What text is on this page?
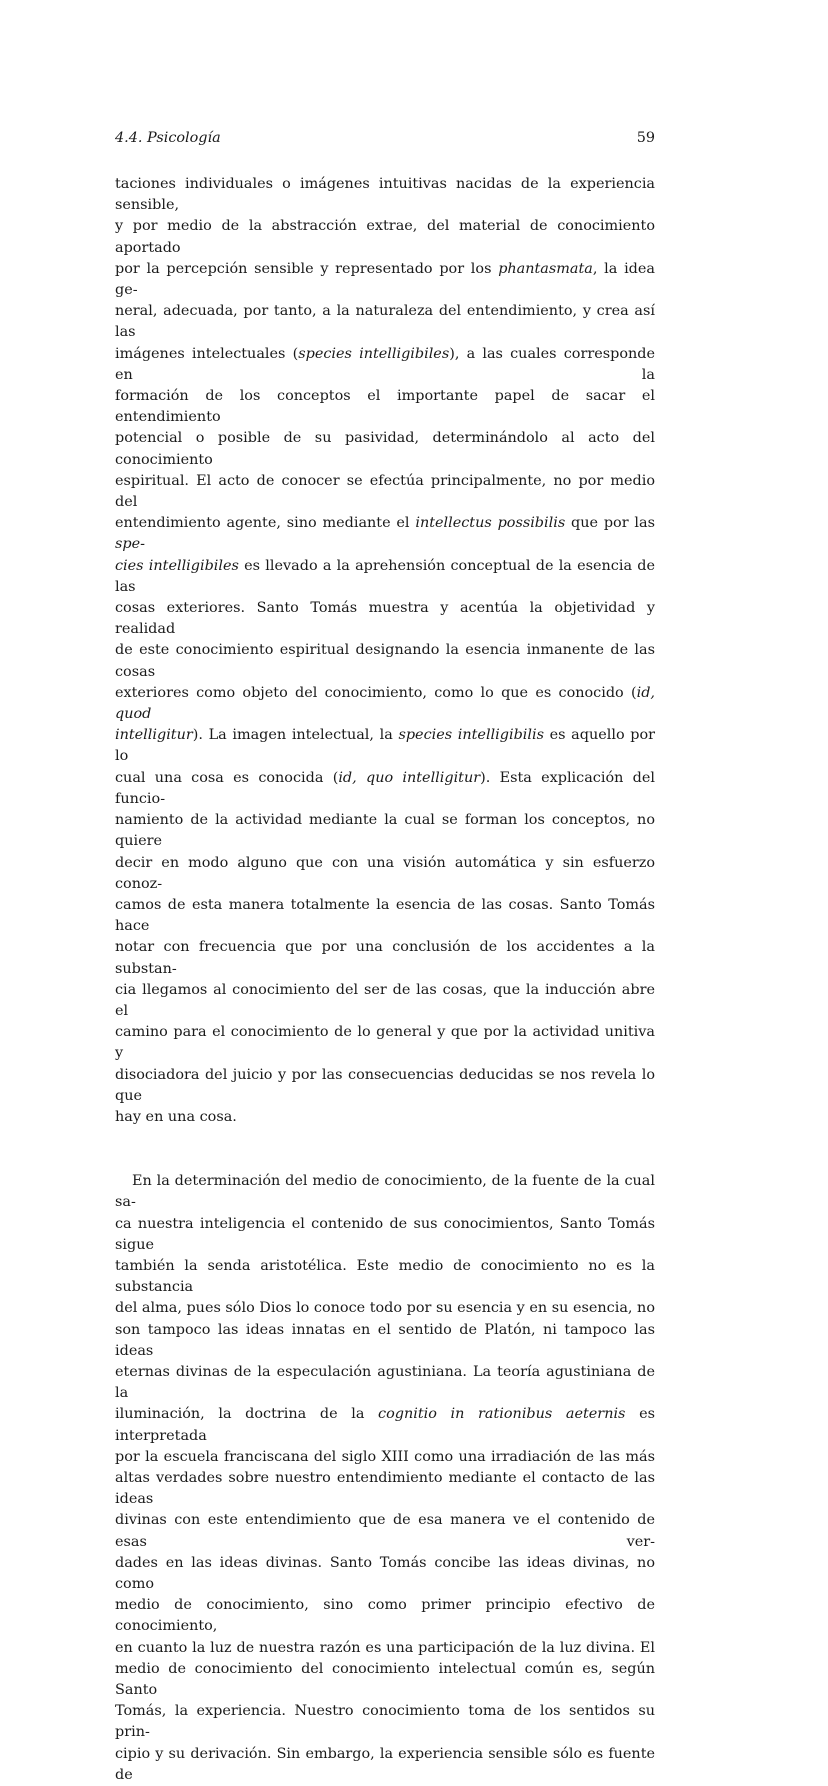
4.4. Psicología	59
taciones individuales o imágenes intuitivas nacidas de la experiencia sensible,
y por medio de la abstracción extrae, del material de conocimiento aportado
por la percepción sensible y representado por los phantasmata, la idea ge-
neral, adecuada, por tanto, a la naturaleza del entendimiento, y crea así las
imágenes intelectuales (species intelligibiles), a las cuales corresponde en la
formación de los conceptos el importante papel de sacar el entendimiento
potencial o posible de su pasividad, determinándolo al acto del conocimiento
espiritual. El acto de conocer se efectúa principalmente, no por medio del
entendimiento agente, sino mediante el intellectus possibilis que por las spe-
cies intelligibiles es llevado a la aprehensión conceptual de la esencia de las
cosas exteriores. Santo Tomás muestra y acentúa la objetividad y realidad
de este conocimiento espiritual designando la esencia inmanente de las cosas
exteriores como objeto del conocimiento, como lo que es conocido (id, quod
intelligitur). La imagen intelectual, la species intelligibilis es aquello por lo
cual una cosa es conocida (id, quo intelligitur). Esta explicación del funcio-
namiento de la actividad mediante la cual se forman los conceptos, no quiere
decir en modo alguno que con una visión automática y sin esfuerzo conoz-
camos de esta manera totalmente la esencia de las cosas. Santo Tomás hace
notar con frecuencia que por una conclusión de los accidentes a la substan-
cia llegamos al conocimiento del ser de las cosas, que la inducción abre el
camino para el conocimiento de lo general y que por la actividad unitiva y
disociadora del juicio y por las consecuencias deducidas se nos revela lo que
hay en una cosa.
En la determinación del medio de conocimiento, de la fuente de la cual sa-
ca nuestra inteligencia el contenido de sus conocimientos, Santo Tomás sigue
también la senda aristotélica. Este medio de conocimiento no es la substancia
del alma, pues sólo Dios lo conoce todo por su esencia y en su esencia, no
son tampoco las ideas innatas en el sentido de Platón, ni tampoco las ideas
eternas divinas de la especulación agustiniana. La teoría agustiniana de la
iluminación, la doctrina de la cognitio in rationibus aeternis es interpretada
por la escuela franciscana del siglo XIII como una irradiación de las más
altas verdades sobre nuestro entendimiento mediante el contacto de las ideas
divinas con este entendimiento que de esa manera ve el contenido de esas ver-
dades en las ideas divinas. Santo Tomás concibe las ideas divinas, no como
medio de conocimiento, sino como primer principio efectivo de conocimiento,
en cuanto la luz de nuestra razón es una participación de la luz divina. El
medio de conocimiento del conocimiento intelectual común es, según Santo
Tomás, la experiencia. Nuestro conocimiento toma de los sentidos su prin-
cipio y su derivación. Sin embargo, la experiencia sensible sólo es fuente de
